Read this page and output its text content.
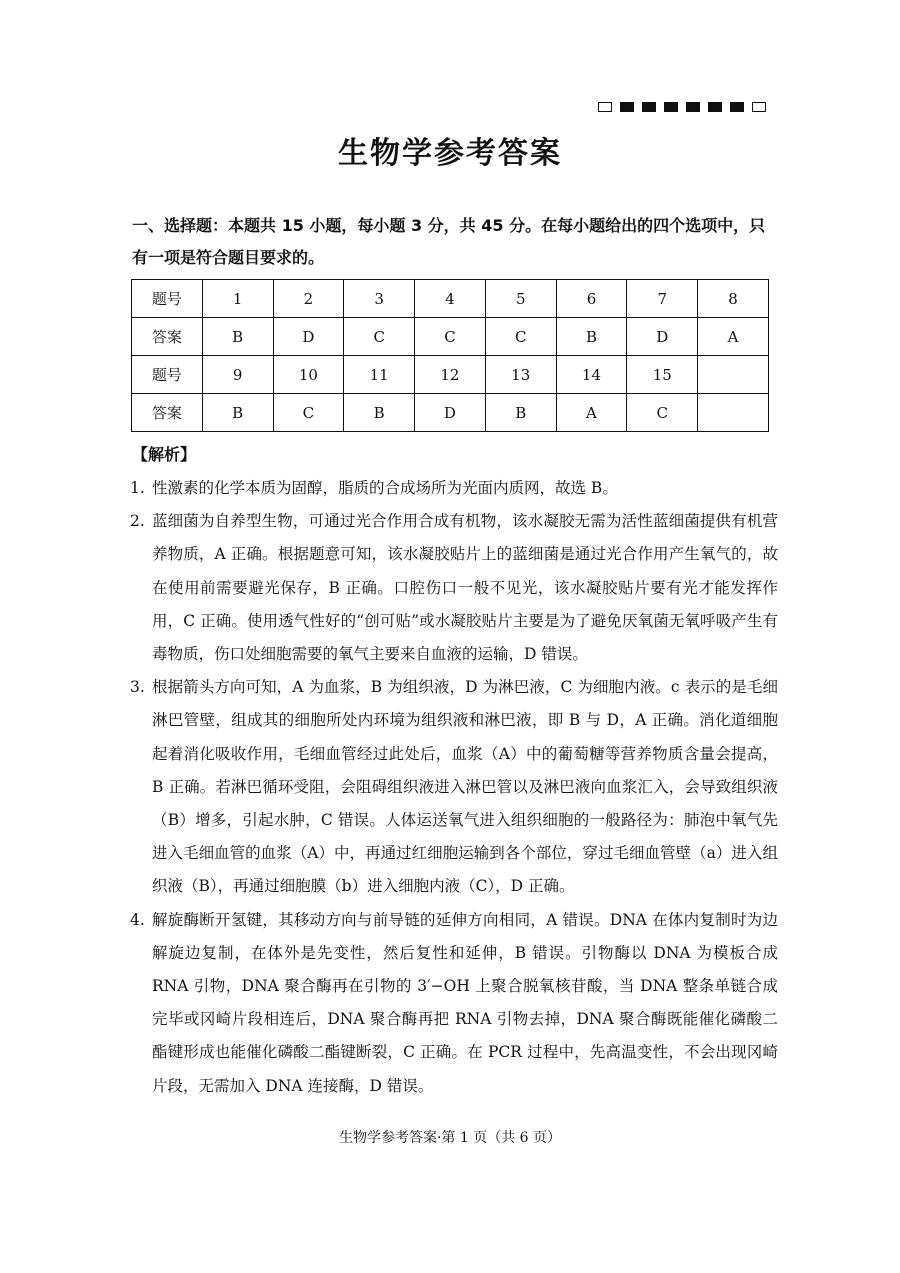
生物学参考答案
一、选择题：本题共 15 小题，每小题 3 分，共 45 分。在每小题给出的四个选项中，只有一项是符合题目要求的。
题号	1	2	3	4	5	6	7	8
答案	B	D	C	C	C	B	D	A
题号	9	10	11	12	13	14	15	
答案	B	C	B	D	B	A	C	
【解析】
1. 性激素的化学本质为固醇，脂质的合成场所为光面内质网，故选 B。
2. 蓝细菌为自养型生物，可通过光合作用合成有机物，该水凝胶无需为活性蓝细菌提供有机营养物质，A 正确。根据题意可知，该水凝胶贴片上的蓝细菌是通过光合作用产生氧气的，故在使用前需要避光保存，B 正确。口腔伤口一般不见光，该水凝胶贴片要有光才能发挥作用，C 正确。使用透气性好的“创可贴”或水凝胶贴片主要是为了避免厌氧菌无氧呼吸产生有毒物质，伤口处细胞需要的氧气主要来自血液的运输，D 错误。
3. 根据箭头方向可知，A 为血浆，B 为组织液，D 为淋巴液，C 为细胞内液。c 表示的是毛细淋巴管壁，组成其的细胞所处内环境为组织液和淋巴液，即 B 与 D，A 正确。消化道细胞起着消化吸收作用，毛细血管经过此处后，血浆（A）中的葡萄糖等营养物质含量会提高，B 正确。若淋巴循环受阻，会阻碍组织液进入淋巴管以及淋巴液向血浆汇入，会导致组织液（B）增多，引起水肿，C 错误。人体运送氧气进入组织细胞的一般路径为：肺泡中氧气先进入毛细血管的血浆（A）中，再通过红细胞运输到各个部位，穿过毛细血管壁（a）进入组织液（B），再通过细胞膜（b）进入细胞内液（C），D 正确。
4. 解旋酶断开氢键，其移动方向与前导链的延伸方向相同，A 错误。DNA 在体内复制时为边解旋边复制，在体外是先变性，然后复性和延伸，B 错误。引物酶以 DNA 为模板合成 RNA 引物，DNA 聚合酶再在引物的 3′−OH 上聚合脱氧核苷酸，当 DNA 整条单链合成完毕或冈崎片段相连后，DNA 聚合酶再把 RNA 引物去掉，DNA 聚合酶既能催化磷酸二酯键形成也能催化磷酸二酯键断裂，C 正确。在 PCR 过程中，先高温变性，不会出现冈崎片段，无需加入 DNA 连接酶，D 错误。
生物学参考答案·第 1 页（共 6 页）
